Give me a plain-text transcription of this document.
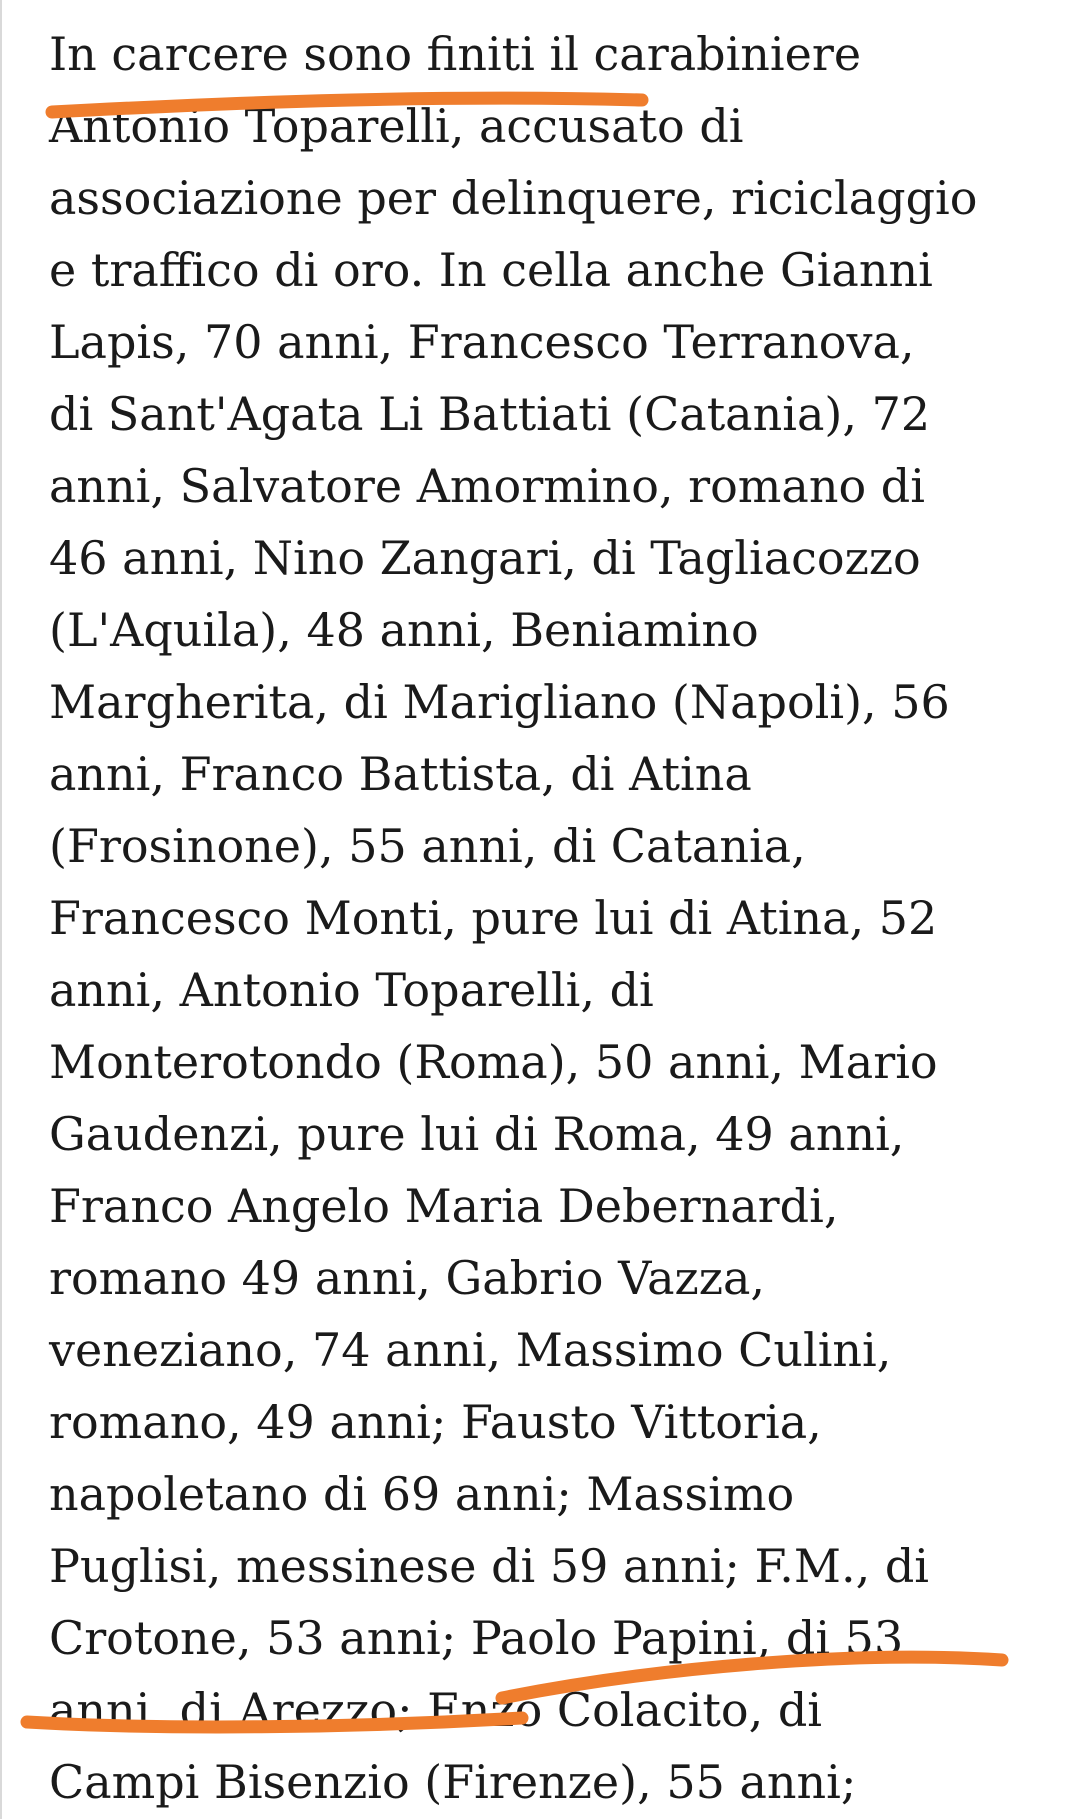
In carcere sono finiti il carabiniere
Antonio Toparelli, accusato di
associazione per delinquere, riciclaggio
e traffico di oro. In cella anche Gianni
Lapis, 70 anni, Francesco Terranova,
di Sant'Agata Li Battiati (Catania), 72
anni, Salvatore Amormino, romano di
46 anni, Nino Zangari, di Tagliacozzo
(L'Aquila), 48 anni, Beniamino
Margherita, di Marigliano (Napoli), 56
anni, Franco Battista, di Atina
(Frosinone), 55 anni, di Catania,
Francesco Monti, pure lui di Atina, 52
anni, Antonio Toparelli, di
Monterotondo (Roma), 50 anni, Mario
Gaudenzi, pure lui di Roma, 49 anni,
Franco Angelo Maria Debernardi,
romano 49 anni, Gabrio Vazza,
veneziano, 74 anni, Massimo Culini,
romano, 49 anni; Fausto Vittoria,
napoletano di 69 anni; Massimo
Puglisi, messinese di 59 anni; F.M., di
Crotone, 53 anni; Paolo Papini, di 53
anni, di Arezzo; Enzo Colacito, di
Campi Bisenzio (Firenze), 55 anni;
